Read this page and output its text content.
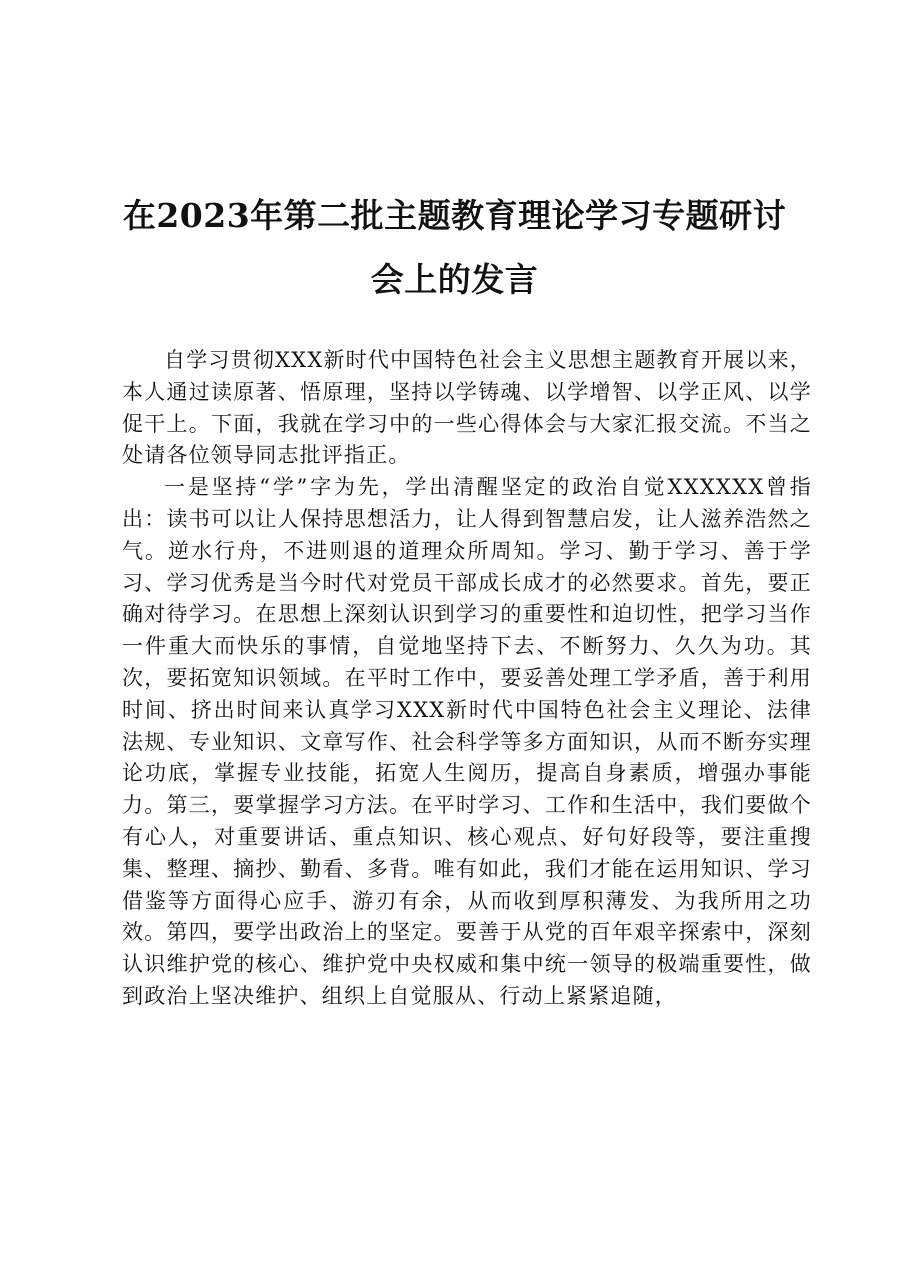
在2023年第二批主题教育理论学习专题研讨
会上的发言

自学习贯彻XXX新时代中国特色社会主义思想主题教育开展以来，本人通过读原著、悟原理，坚持以学铸魂、以学增智、以学正风、以学促干上。下面，我就在学习中的一些心得体会与大家汇报交流。不当之处请各位领导同志批评指正。

一是坚持“学”字为先，学出清醒坚定的政治自觉XXXXXX曾指出：读书可以让人保持思想活力，让人得到智慧启发，让人滋养浩然之气。逆水行舟，不进则退的道理众所周知。学习、勤于学习、善于学习、学习优秀是当今时代对党员干部成长成才的必然要求。首先，要正确对待学习。在思想上深刻认识到学习的重要性和迫切性，把学习当作一件重大而快乐的事情，自觉地坚持下去、不断努力、久久为功。其次，要拓宽知识领域。在平时工作中，要妥善处理工学矛盾，善于利用时间、挤出时间来认真学习XXX新时代中国特色社会主义理论、法律法规、专业知识、文章写作、社会科学等多方面知识，从而不断夯实理论功底，掌握专业技能，拓宽人生阅历，提高自身素质，增强办事能力。第三，要掌握学习方法。在平时学习、工作和生活中，我们要做个有心人，对重要讲话、重点知识、核心观点、好句好段等，要注重搜集、整理、摘抄、勤看、多背。唯有如此，我们才能在运用知识、学习借鉴等方面得心应手、游刃有余，从而收到厚积薄发、为我所用之功效。第四，要学出政治上的坚定。要善于从党的百年艰辛探索中，深刻认识维护党的核心、维护党中央权威和集中统一领导的极端重要性，做到政治上坚决维护、组织上自觉服从、行动上紧紧追随，
